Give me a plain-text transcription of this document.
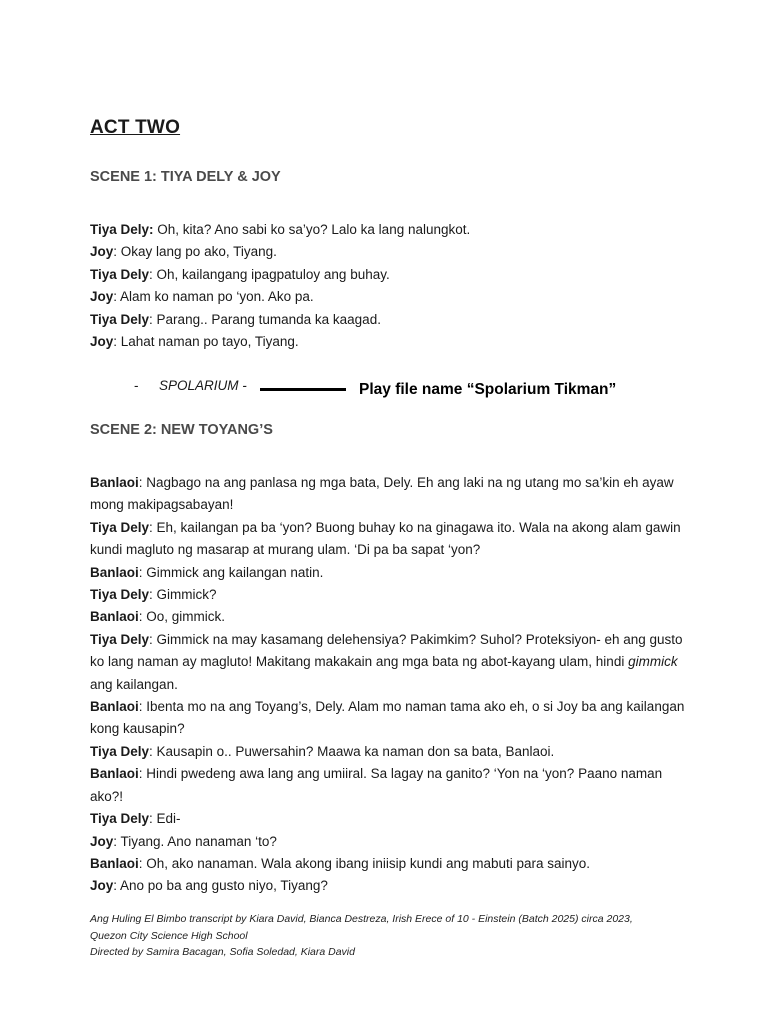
ACT TWO
SCENE 1: TIYA DELY & JOY

Tiya Dely: Oh, kita? Ano sabi ko sa’yo? Lalo ka lang nalungkot.

Joy: Okay lang po ako, Tiyang.

Tiya Dely: Oh, kailangang ipagpatuloy ang buhay.

Joy: Alam ko naman po ‘yon. Ako pa.

Tiya Dely: Parang.. Parang tumanda ka kaagad.

Joy: Lahat naman po tayo, Tiyang.

- SPOLARIUM -	Play file name “Spolarium Tikman”
SCENE 2: NEW TOYANG’S

Banlaoi: Nagbago na ang panlasa ng mga bata, Dely. Eh ang laki na ng utang mo sa’kin eh ayaw mong makipagsabayan!

Tiya Dely: Eh, kailangan pa ba ‘yon? Buong buhay ko na ginagawa ito. Wala na akong alam gawin kundi magluto ng masarap at murang ulam. ‘Di pa ba sapat ‘yon?

Banlaoi: Gimmick ang kailangan natin.

Tiya Dely: Gimmick?

Banlaoi: Oo, gimmick.

Tiya Dely: Gimmick na may kasamang delehensiya? Pakimkim? Suhol? Proteksiyon- eh ang gusto ko lang naman ay magluto! Makitang makakain ang mga bata ng abot-kayang ulam, hindi gimmick ang kailangan.

Banlaoi: Ibenta mo na ang Toyang’s, Dely. Alam mo naman tama ako eh, o si Joy ba ang kailangan kong kausapin?

Tiya Dely: Kausapin o.. Puwersahin? Maawa ka naman don sa bata, Banlaoi.

Banlaoi: Hindi pwedeng awa lang ang umiiral. Sa lagay na ganito? ‘Yon na ‘yon? Paano naman ako?!

Tiya Dely: Edi-

Joy: Tiyang. Ano nanaman ‘to?

Banlaoi: Oh, ako nanaman. Wala akong ibang iniisip kundi ang mabuti para sainyo.

Joy: Ano po ba ang gusto niyo, Tiyang?

Ang Huling El Bimbo transcript by Kiara David, Bianca Destreza, Irish Erece of 10 - Einstein (Batch 2025) circa 2023,

Quezon City Science High School

Directed by Samira Bacagan, Sofia Soledad, Kiara David
